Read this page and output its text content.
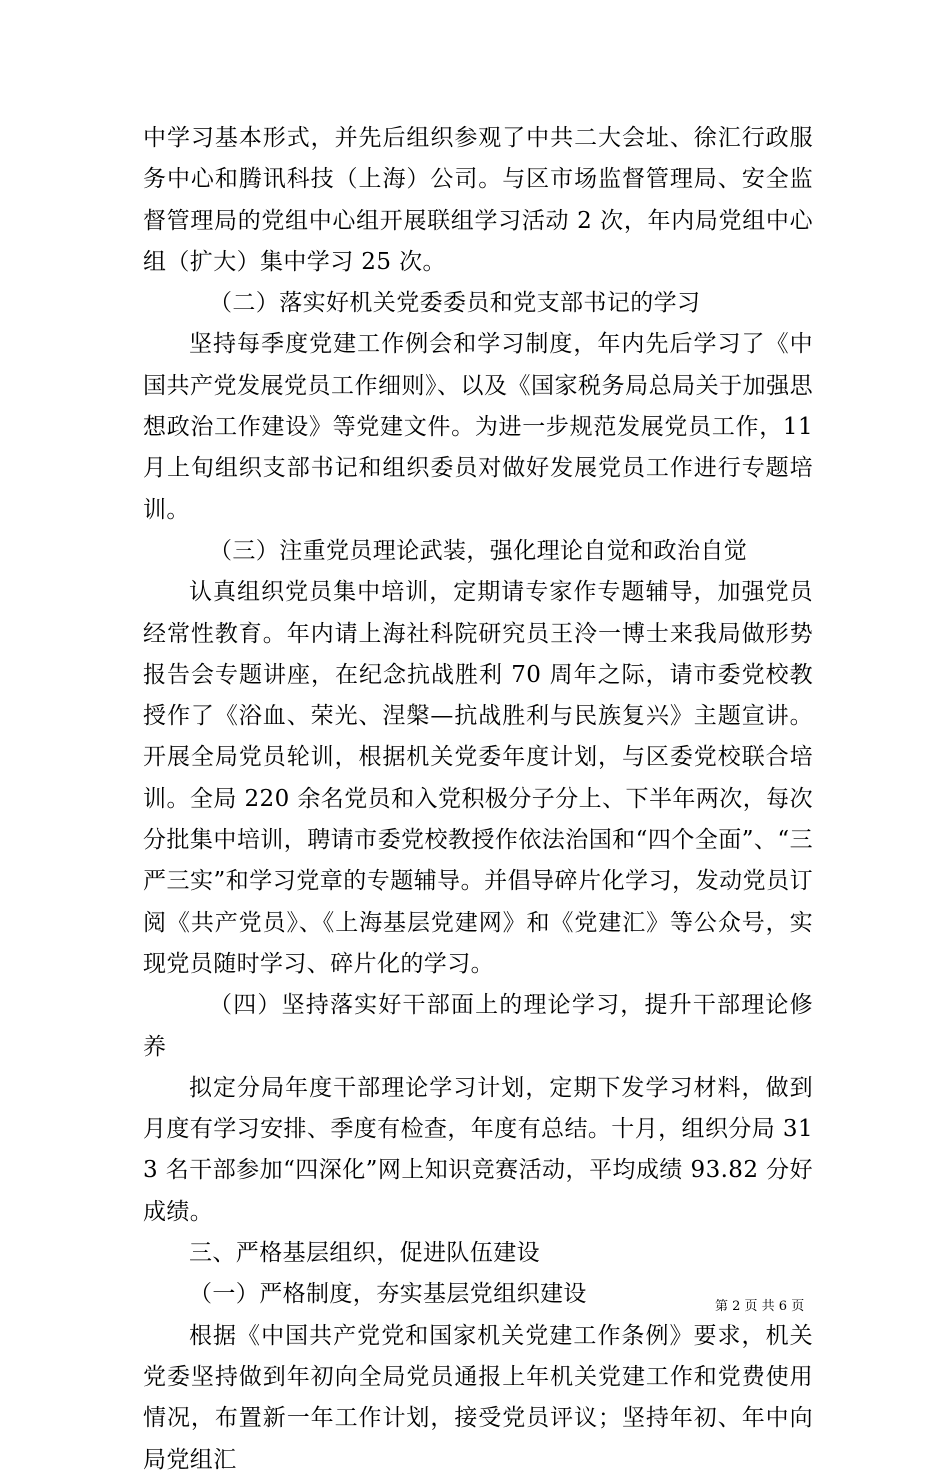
中学习基本形式，并先后组织参观了中共二大会址、徐汇行政服务中心和腾讯科技（上海）公司。与区市场监督管理局、安全监督管理局的党组中心组开展联组学习活动 2 次，年内局党组中心组（扩大）集中学习 25 次。

（二）落实好机关党委委员和党支部书记的学习

坚持每季度党建工作例会和学习制度，年内先后学习了《中国共产党发展党员工作细则》、以及《国家税务局总局关于加强思想政治工作建设》等党建文件。为进一步规范发展党员工作，11 月上旬组织支部书记和组织委员对做好发展党员工作进行专题培训。

（三）注重党员理论武装，强化理论自觉和政治自觉

认真组织党员集中培训，定期请专家作专题辅导，加强党员经常性教育。年内请上海社科院研究员王泠一博士来我局做形势报告会专题讲座，在纪念抗战胜利 70 周年之际，请市委党校教授作了《浴血、荣光、涅槃—抗战胜利与民族复兴》主题宣讲。开展全局党员轮训，根据机关党委年度计划，与区委党校联合培训。全局 220 余名党员和入党积极分子分上、下半年两次，每次分批集中培训，聘请市委党校教授作依法治国和“四个全面”、“三严三实”和学习党章的专题辅导。并倡导碎片化学习，发动党员订阅《共产党员》、《上海基层党建网》和《党建汇》等公众号，实现党员随时学习、碎片化的学习。

（四）坚持落实好干部面上的理论学习，提升干部理论修养

拟定分局年度干部理论学习计划，定期下发学习材料，做到月度有学习安排、季度有检查，年度有总结。十月，组织分局 313 名干部参加“四深化”网上知识竞赛活动，平均成绩 93.82 分好成绩。

三、严格基层组织，促进队伍建设

（一）严格制度，夯实基层党组织建设

根据《中国共产党党和国家机关党建工作条例》要求，机关党委坚持做到年初向全局党员通报上年机关党建工作和党费使用情况，布置新一年工作计划，接受党员评议；坚持年初、年中向局党组汇

第 2 页 共 6 页
